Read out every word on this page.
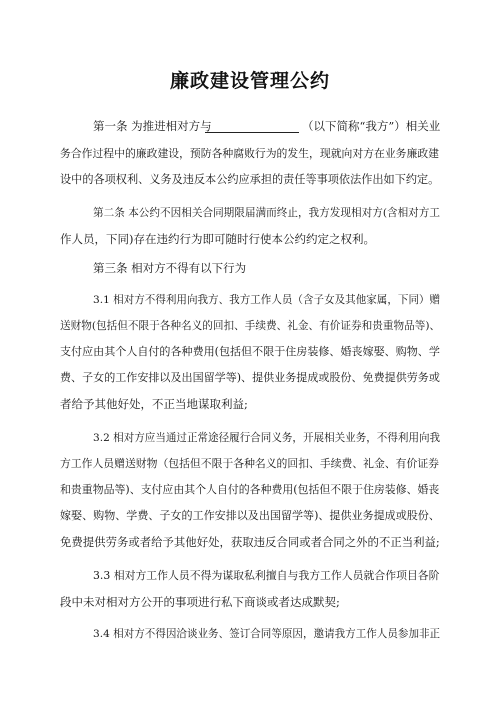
廉政建设管理公约
第一条 为推进相对方与	（以下简称“我方”）相关业
务合作过程中的廉政建设，预防各种腐败行为的发生，现就向对方在业务廉政建
设中的各项权利、义务及违反本公约应承担的责任等事项依法作出如下约定。
第二条 本公约不因相关合同期限届满而终止，我方发现相对方(含相对方工
作人员，下同)存在违约行为即可随时行使本公约约定之权利。
第三条 相对方不得有以下行为
3.1 相对方不得利用向我方、我方工作人员（含子女及其他家属，下同）赠
送财物(包括但不限于各种名义的回扣、手续费、礼金、有价证券和贵重物品等)、
支付应由其个人自付的各种费用(包括但不限于住房装修、婚丧嫁娶、购物、学
费、子女的工作安排以及出国留学等)、提供业务提成或股份、免费提供劳务或
者给予其他好处，不正当地谋取利益;
3.2 相对方应当通过正常途径履行合同义务，开展相关业务，不得利用向我
方工作人员赠送财物（包括但不限于各种名义的回扣、手续费、礼金、有价证券
和贵重物品等)、支付应由其个人自付的各种费用(包括但不限于住房装修、婚丧
嫁娶、购物、学费、子女的工作安排以及出国留学等)、提供业务提成或股份、
免费提供劳务或者给予其他好处，获取违反合同或者合同之外的不正当利益;
3.3 相对方工作人员不得为谋取私利擅自与我方工作人员就合作项目各阶
段中未对相对方公开的事项进行私下商谈或者达成默契;
3.4 相对方不得因洽谈业务、签订合同等原因，邀请我方工作人员参加非正
